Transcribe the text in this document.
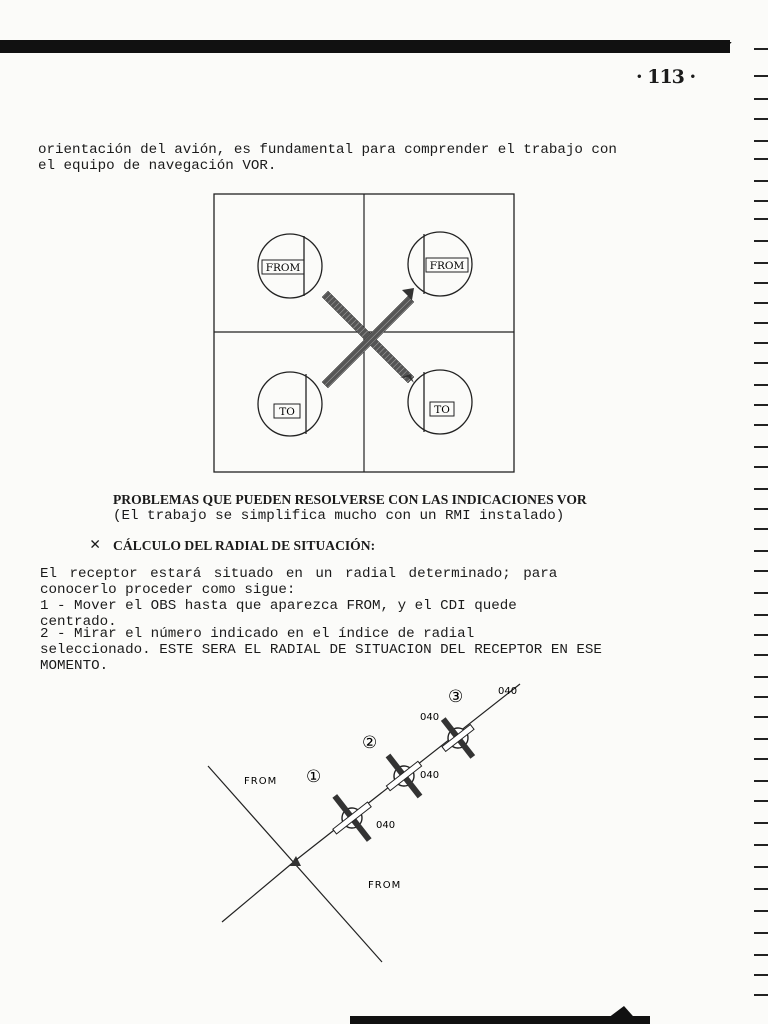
· 113 ·

orientación del avión, es fundamental para comprender el trabajo con

el equipo de navegación VOR.

FROM	FROM
TO	TO

PROBLEMAS QUE PUEDEN RESOLVERSE CON LAS INDICACIONES VOR

(El trabajo se simplifica mucho con un RMI instalado)

✕ CÁLCULO DEL RADIAL DE SITUACIÓN:

El receptor estará situado en un radial determinado; para

conocerlo proceder como sigue:

1 - Mover el OBS hasta que aparezca FROM, y el CDI quede

centrado.

2 - Mirar el número indicado en el índice de radial

seleccionado. ESTE SERA EL RADIAL DE SITUACION DEL RECEPTOR EN ESE

MOMENTO.

FROM
FROM
①
②
③
040
040
040
040
